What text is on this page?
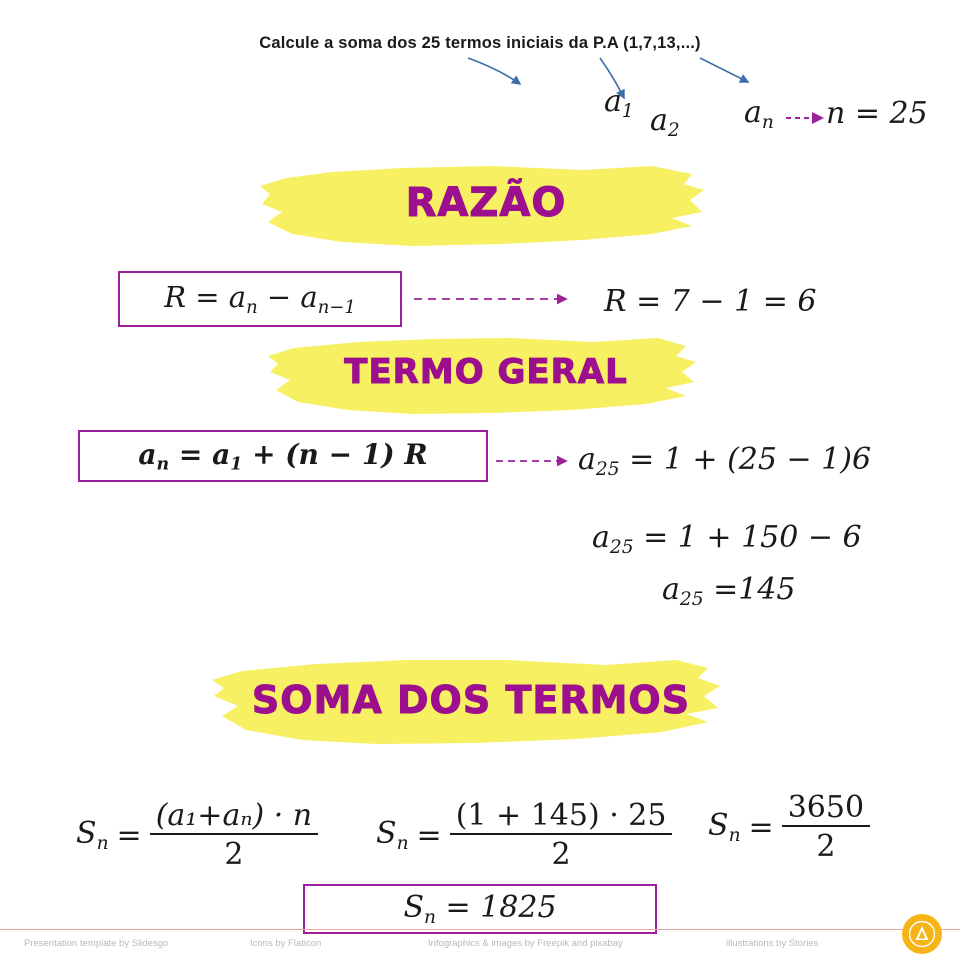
Calcule a soma dos 25 termos iniciais da P.A (1,7,13,...)
$a_1$ $a_2$
$a_n$ n = 25
RAZÃO
$R = a_n - a_{n-1}$	R = 7 − 1 = 6
TERMO GERAL
$a_n = a_1 + (n - 1)$ R	$a_{25} = 1 + (25 - 1)6$
$a_{25} = 1 + 150 - 6$
$a_{25} =145$
SOMA DOS TERMOS
$S_n = \frac{\text{(a₁+aₙ) · n}}{2} S_n = \frac{(1 + 145) \cdot 25}{2} S_n = \frac{3650}{2}$
$S_n = 1825$
Presentation template by Slidesgo	Icons by Flaticon	Infographics & images by Freepik and pixabay	illustrations by Stories
